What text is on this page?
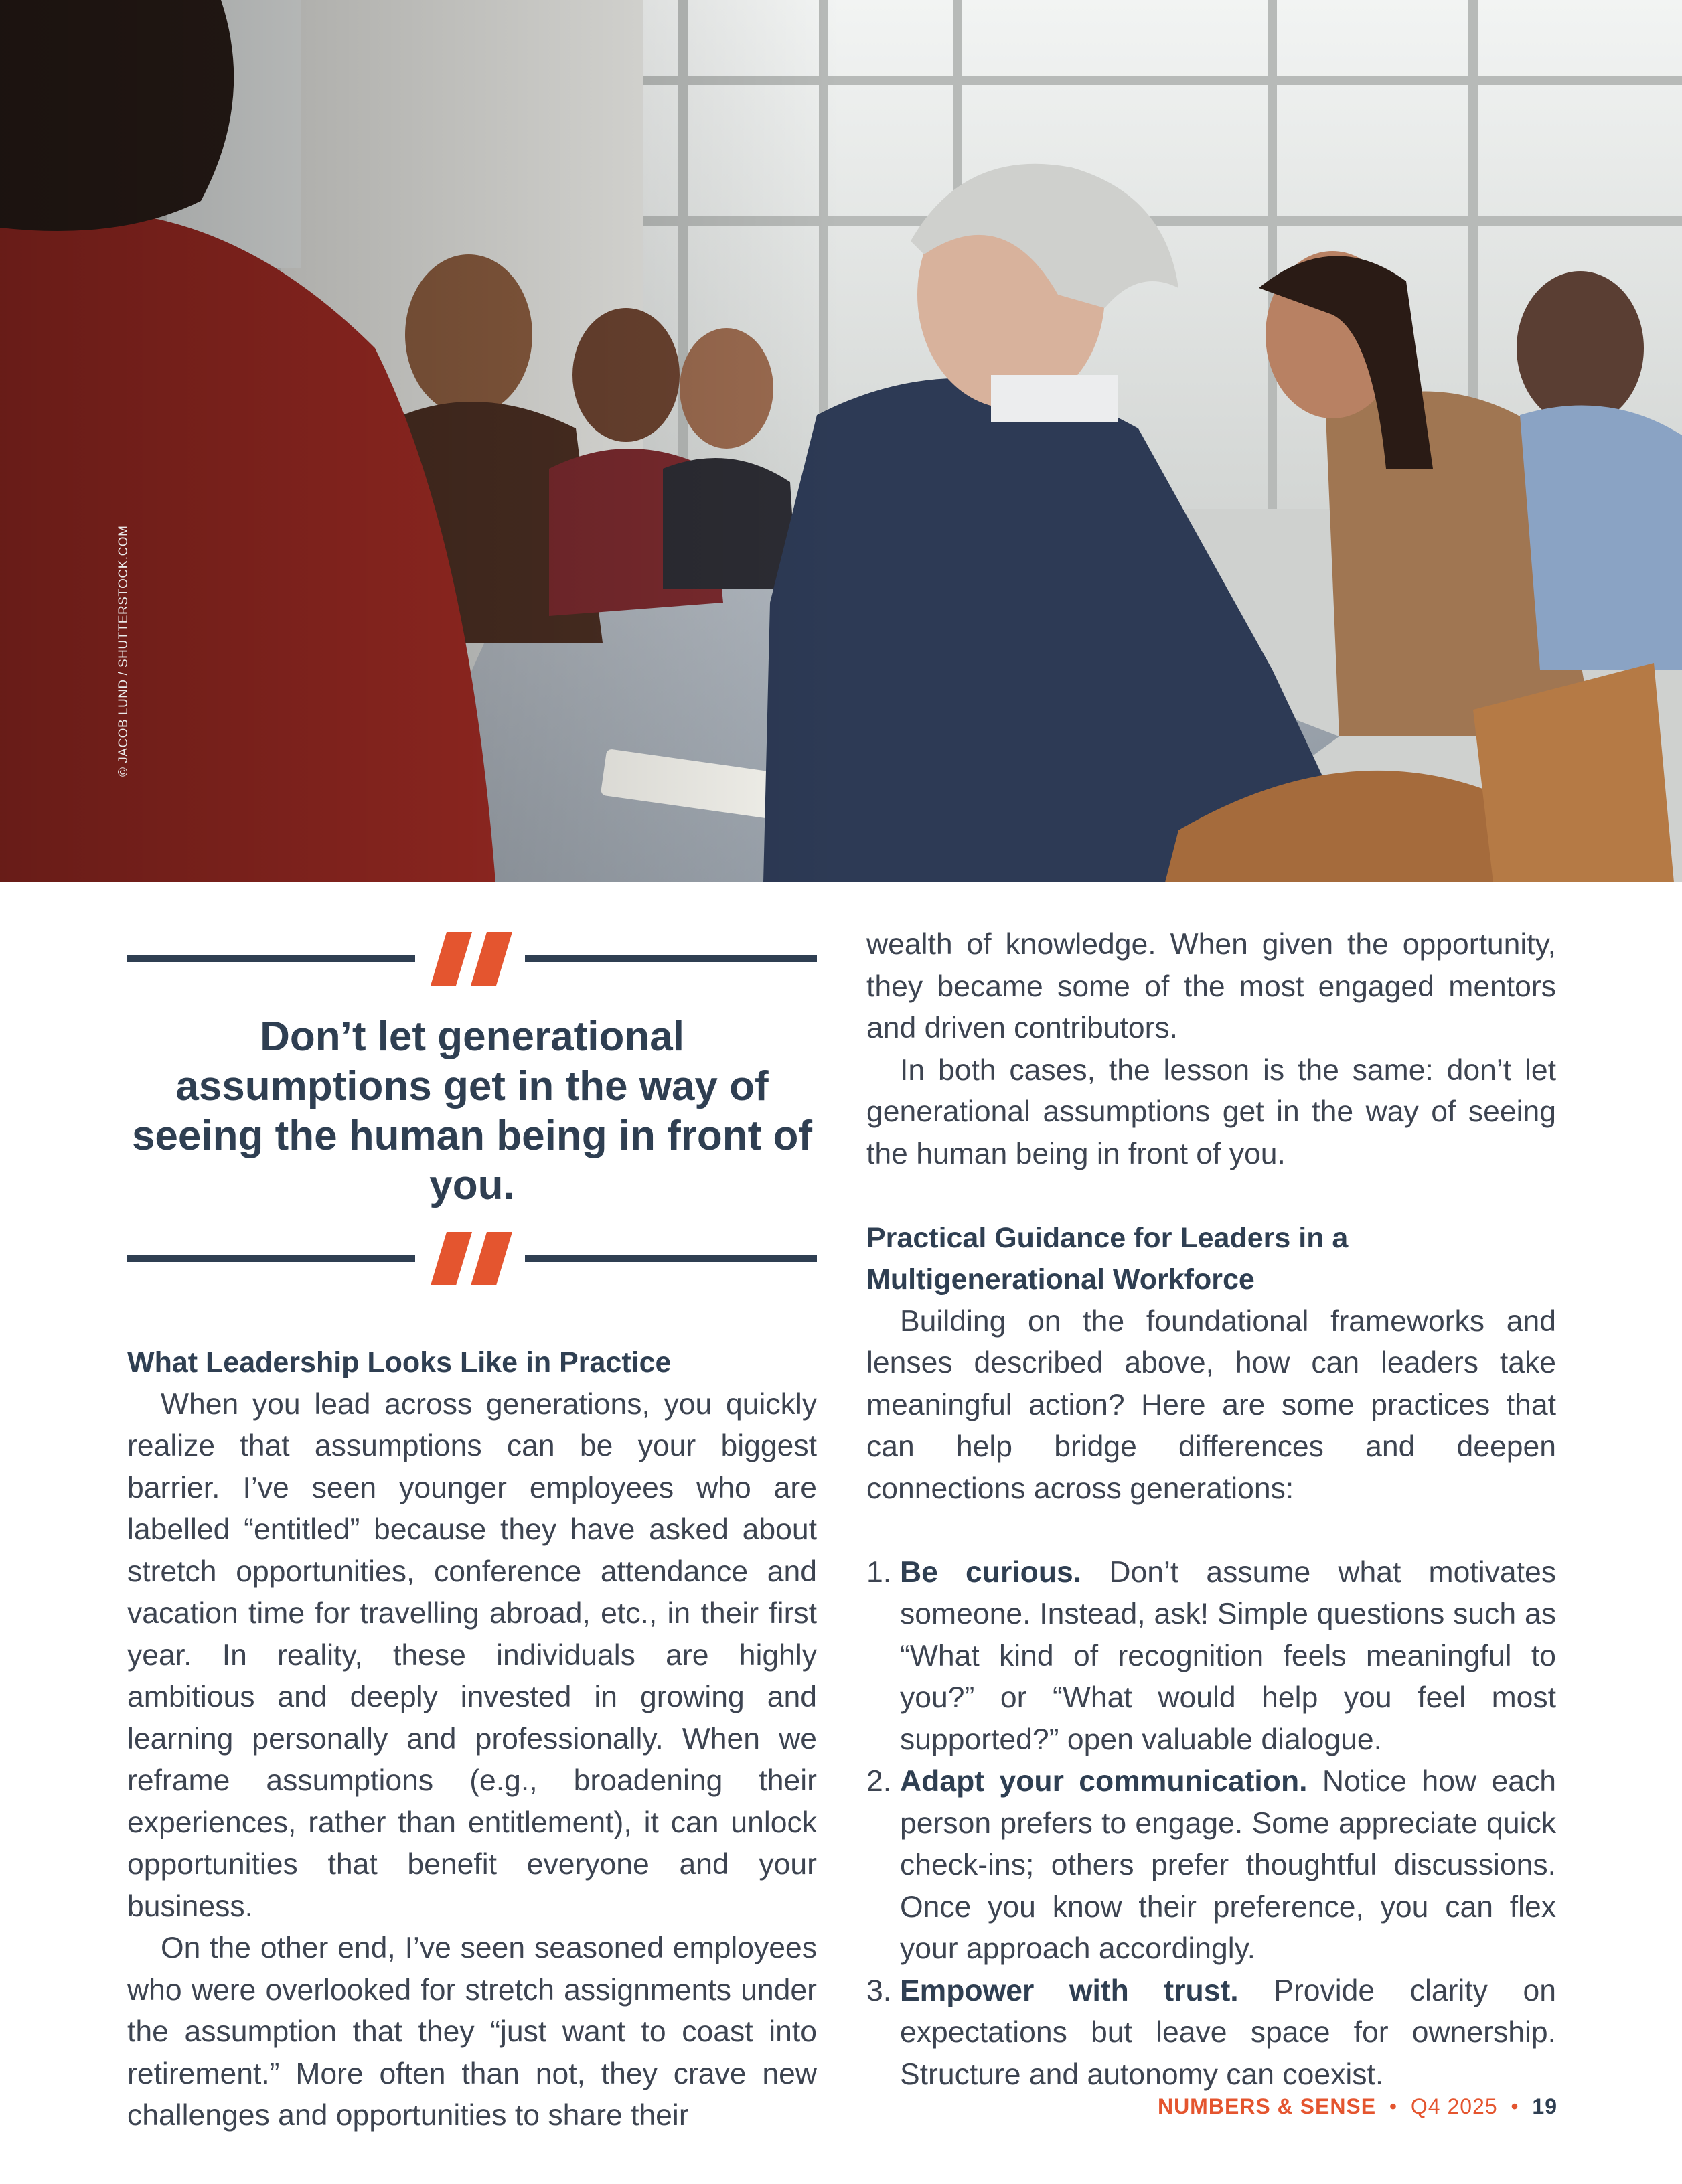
© JACOB LUND / SHUTTERSTOCK.COM

Don’t let generational assumptions get in the way of seeing the human being in front of you.

What Leadership Looks Like in Practice

When you lead across generations, you quickly realize that assumptions can be your biggest barrier. I’ve seen younger employees who are labelled “entitled” because they have asked about stretch opportunities, conference attendance and vacation time for travelling abroad, etc., in their first year. In reality, these individuals are highly ambitious and deeply invested in growing and learning personally and professionally. When we reframe assumptions (e.g., broadening their experiences, rather than entitlement), it can unlock opportunities that benefit everyone and your business.

On the other end, I’ve seen seasoned employees who were overlooked for stretch assignments under the assumption that they “just want to coast into retirement.” More often than not, they crave new challenges and opportunities to share their

wealth of knowledge. When given the opportunity, they became some of the most engaged mentors and driven contributors.

In both cases, the lesson is the same: don’t let generational assumptions get in the way of seeing the human being in front of you.

Practical Guidance for Leaders in a Multigenerational Workforce

Building on the foundational frameworks and lenses described above, how can leaders take meaningful action? Here are some practices that can help bridge differences and deepen connections across generations:

1. Be curious. Don’t assume what motivates someone. Instead, ask! Simple questions such as “What kind of recognition feels meaningful to you?” or “What would help you feel most supported?” open valuable dialogue.
2. Adapt your communication. Notice how each person prefers to engage. Some appreciate quick check-ins; others prefer thoughtful discussions. Once you know their preference, you can flex your approach accordingly.
3. Empower with trust. Provide clarity on expectations but leave space for ownership. Structure and autonomy can coexist.
NUMBERS & SENSE • Q4 2025 • 19
